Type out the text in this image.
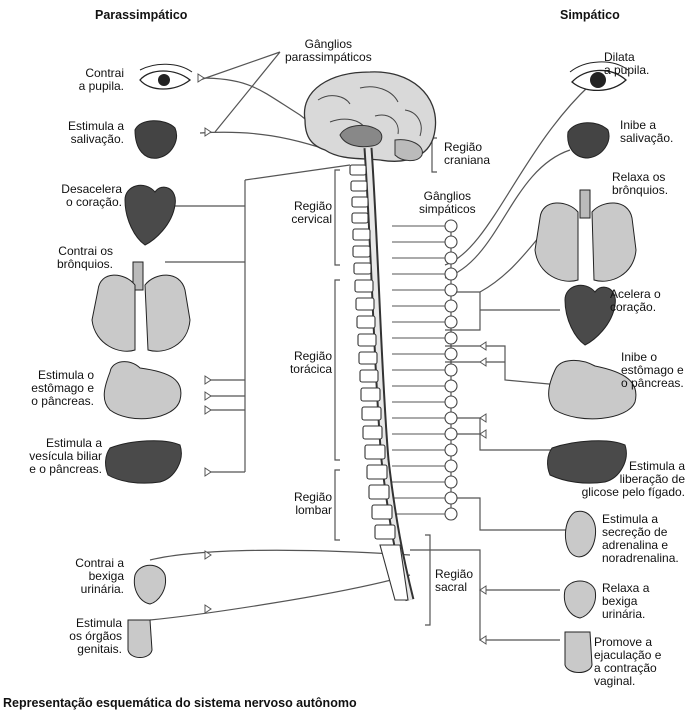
Parassimpático	Simpático
Gânglios
parassimpáticos
Gânglios
simpáticos
Região
craniana
Região
cervical
Região
torácica
Região
lombar
Região
sacral
Contrai
a pupila.
Estimula a
salivação.
Desacelera
o coração.
Contrai os
brônquios.
Estimula o
estômago e
o pâncreas.
Estimula a
vesícula biliar
e o pâncreas.
Contrai a
bexiga
urinária.
Estimula
os órgãos
genitais.
Dilata
a pupila.
Inibe a
salivação.
Relaxa os
brônquios.
Acelera o
coração.
Inibe o
estômago e
o pâncreas.
Estimula a
liberação de
glicose pelo fígado.
Estimula a
secreção de
adrenalina e
noradrenalina.
Relaxa a
bexiga
urinária.
Promove a
ejaculação e
a contração
vaginal.
Representação esquemática do sistema nervoso autônomo
